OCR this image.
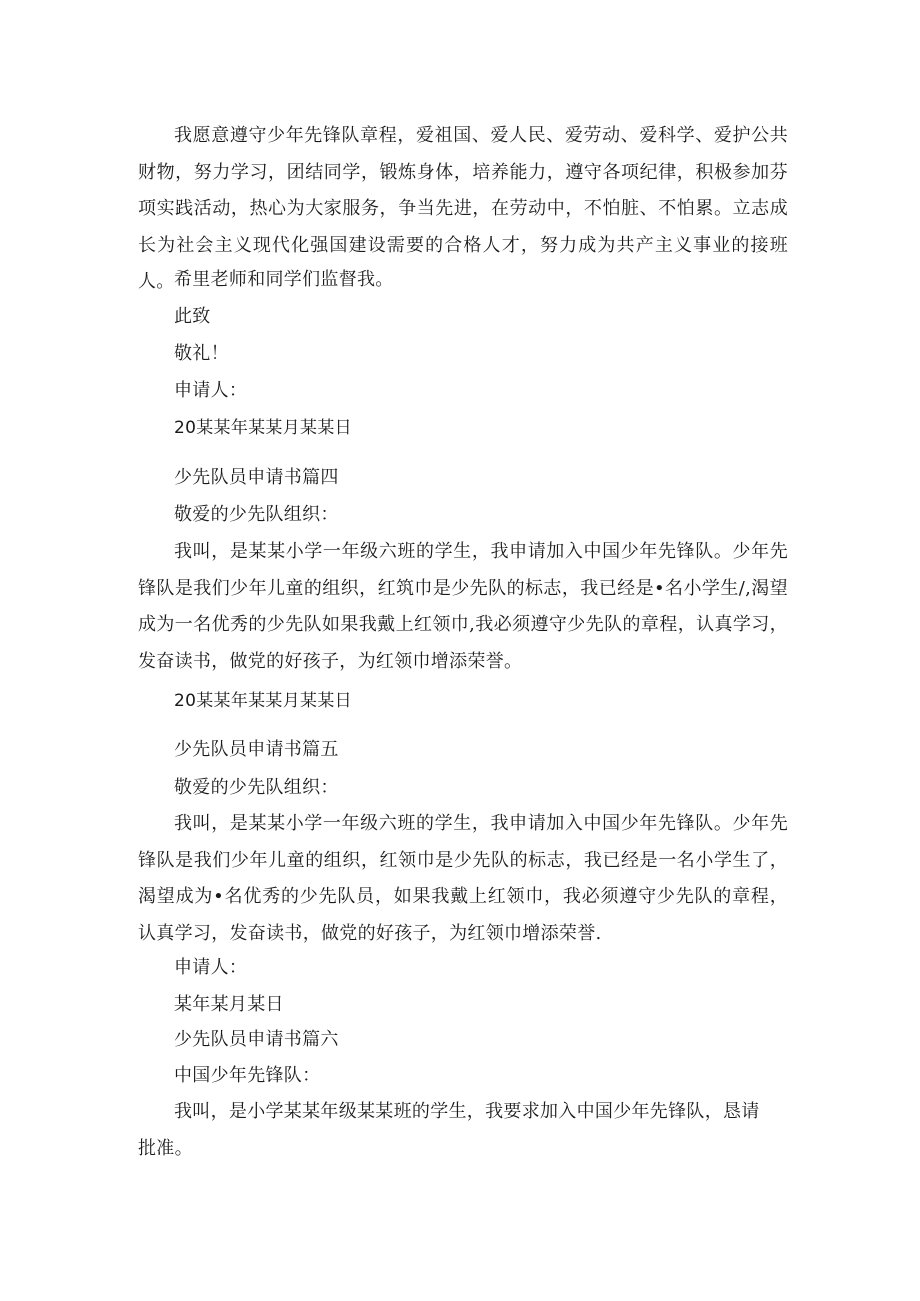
我愿意遵守少年先锋队章程，爱祖国、爱人民、爱劳动、爱科学、爱护公共财物，努力学习，团结同学，锻炼身体，培养能力，遵守各项纪律，积极参加芬项实践活动，热心为大家服务，争当先进，在劳动中，不怕脏、不怕累。立志成长为社会主义现代化强国建设需要的合格人才，努力成为共产主义事业的接班人。 希里老师和同学们监督我。

此致

敬礼！

申请人：

20某某年某某月某某日

少先队员申请书篇四

敬爱的少先队组织：

我叫，是某某小学一年级六班的学生，我申请加入中国少年先锋队。少年先锋队是我们少年儿童的组织，红筑巾是少先队的标志，我已经是•名小学生/,渴望成为一名优秀的少先队如果我戴上红领巾,我必须遵守少先队的章程，认真学习，发奋读书，做党的好孩子，为红领巾增添荣誉。

20某某年某某月某某日

少先队员申请书篇五

敬爱的少先队组织：

我叫，是某某小学一年级六班的学生，我申请加入中国少年先锋队。少年先锋队是我们少年儿童的组织，红领巾是少先队的标志，我已经是一名小学生了，渴望成为•名优秀的少先队员，如果我戴上红领巾，我必须遵守少先队的章程，认真学习，发奋读书，做党的好孩子，为红领巾增添荣誉.

申请人：

某年某月某日

少先队员申请书篇六

中国少年先锋队：

我叫，是小学某某年级某某班的学生，我要求加入中国少年先锋队，恳请

批准。
